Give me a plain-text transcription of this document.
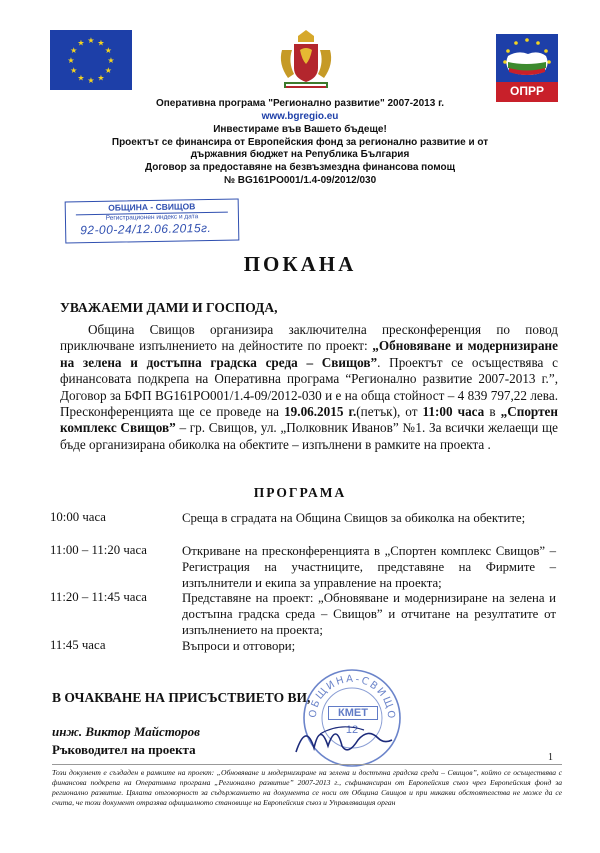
★ ★
★
★
★
★
★
★
★
★
★
★
ОПРР
Оперативна програма "Регионално развитие" 2007-2013 г.
www.bgregio.eu
Инвестираме във Вашето бъдеще!
Проектът се финансира от Европейския фонд за регионално развитие и от
държавния бюджет на Република България
Договор за предоставяне на безвъзмездна финансова помощ
№ BG161PO001/1.4-09/2012/030
ОБЩИНА - СВИЩОВ
Регистрационен индекс и дата
92-00-24/12.06.2015г.
ПОКАНА
УВАЖАЕМИ ДАМИ И ГОСПОДА,
Община Свищов организира заключителна пресконференция по повод приключване изпълнението на дейностите по проект: „Обновяване и модернизиране на зелена и достъпна градска среда – Свищов”. Проектът се осъществява с финансовата подкрепа на Оперативна програма “Регионално развитие 2007-2013 г.”, Договор за БФП BG161PO001/1.4-09/2012-030 и е на обща стойност – 4 839 797,22 лева. Пресконференцията ще се проведе на 19.06.2015 г.(петък), от 11:00 часа в „Спортен комплекс Свищов” – гр. Свищов, ул. „Полковник Иванов” №1. За всички желаещи ще бъде организирана обиколка на обектите – изпълнени в рамките на проекта .
ПРОГРАМА
10:00 часа	Среща в сградата на Община Свищов за обиколка на обектите;
11:00 – 11:20 часа	Откриване на пресконференцията в „Спортен комплекс Свищов” – Регистрация на участниците, представяне на Фирмите – изпълнители и екипа за управление на проекта;
11:20 – 11:45 часа	Представяне на проект: „Обновяване и модернизиране на зелена и достъпна градска среда – Свищов” и отчитане на резултатите от изпълнението на проекта;
11:45 часа	Въпроси и отговори;
В ОЧАКВАНЕ НА ПРИСЪСТВИЕТО ВИ,
ОБЩИНА-СВИЩО
КМЕТ
12
инж. Виктор Майсторов
Ръководител на проекта
1
Този документ е създаден в рамките на проект: „Обновяване и модернизиране на зелена и достъпна градска среда – Свищов”, който се осъществява с финансова подкрепа на Оперативна програма „Регионално развитие” 2007-2013 г., съфинансиран от Европейския съюз чрез Европейския фонд за регионално развитие. Цялата отговорност за съдържанието на документа се носи от Община Свищов и при никакви обстоятелства не може да се счита, че този документ отразява официалното становище на Европейския съюз и Управляващия орган
